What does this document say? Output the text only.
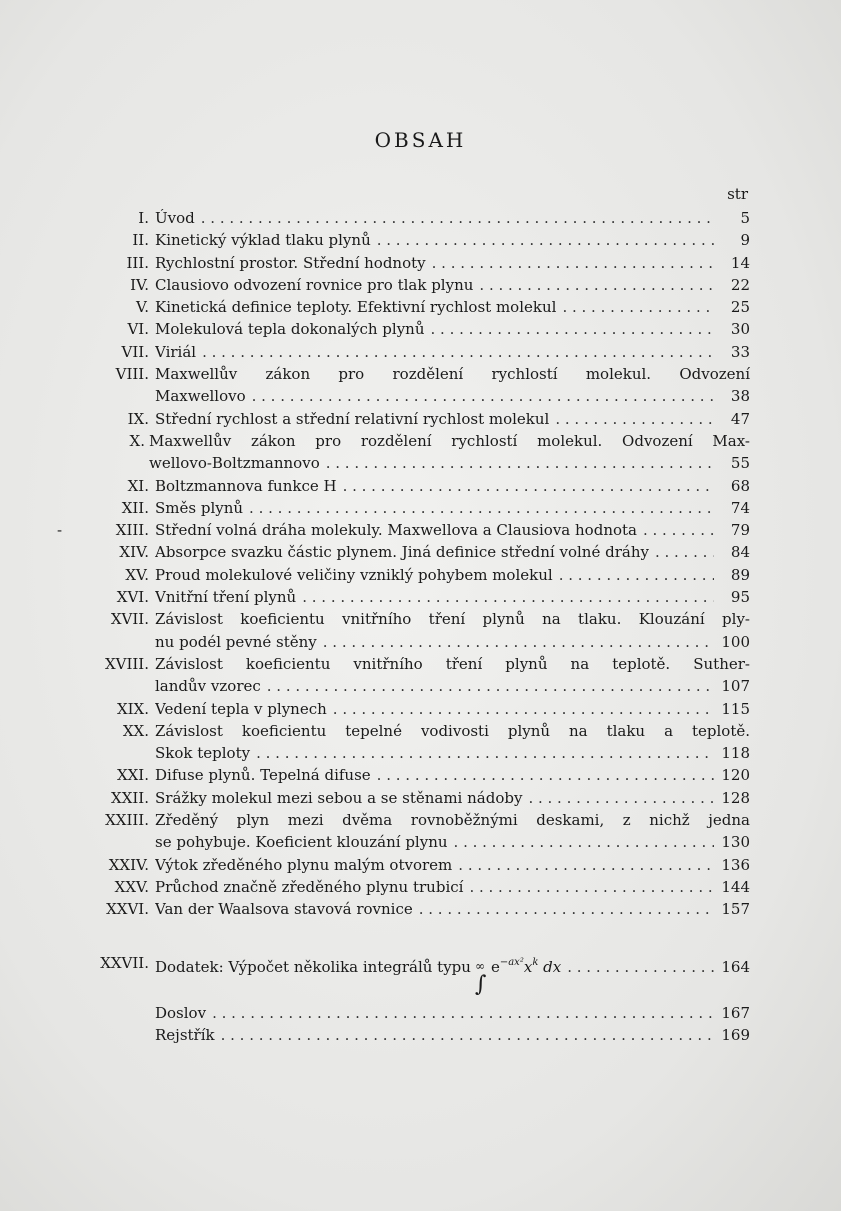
OBSAH
str
I. Úvod . . .	5
II. Kinetický výklad tlaku plynů . . .	9
III. Rychlostní prostor. Střední hodnoty . . .	14
IV. Clausiovo odvození rovnice pro tlak plynu . . .	22
V. Kinetická definice teploty. Efektivní rychlost molekul . . .	25
VI. Molekulová tepla dokonalých plynů . . .	30
VII. Viriál . . .	33
VIII. Maxwellův zákon pro rozdělení rychlostí molekul. Odvození
Maxwellovo . . .	38
IX. Střední rychlost a střední relativní rychlost molekul . . .	47
X. Maxwellův zákon pro rozdělení rychlostí molekul. Odvození Max-
wellovo-Boltzmannovo . . .	55
XI. Boltzmannova funkce H . . .	68
XII. Směs plynů . . .	74
-	XIII. Střední volná dráha molekuly. Maxwellova a Clausiova hodnota . . .	79
XIV. Absorpce svazku částic plynem. Jiná definice střední volné dráhy . . .	84
XV. Proud molekulové veličiny vzniklý pohybem molekul . . .	89
XVI. Vnitřní tření plynů . . .	95
XVII. Závislost koeficientu vnitřního tření plynů na tlaku. Klouzání ply-
nu podél pevné stěny . . .	100
XVIII. Závislost koeficientu vnitřního tření plynů na teplotě. Suther-
landův vzorec . . .	107
XIX. Vedení tepla v plynech . . .	115
XX. Závislost koeficientu tepelné vodivosti plynů na tlaku a teplotě.
Skok teploty . . .	118
XXI. Difuse plynů. Tepelná difuse . . .	120
XXII. Srážky molekul mezi sebou a se stěnami nádoby . . .	128
XXIII. Zředěný plyn mezi dvěma rovnoběžnými deskami, z nichž jedna
se pohybuje. Koeficient klouzání plynu . . .	130
XXIV. Výtok zředěného plynu malým otvorem . . .	136
XXV. Průchod značně zředěného plynu trubicí . . .	144
XXVI. Van der Waalsova stavová rovnice . . .	157
XXVII. Dodatek: Výpočet několika integrálů typu ∞
∫
$e^{-ax^2}x^k$ dx . . .	164
Doslov . . .	167
Rejstřík . . .	169
